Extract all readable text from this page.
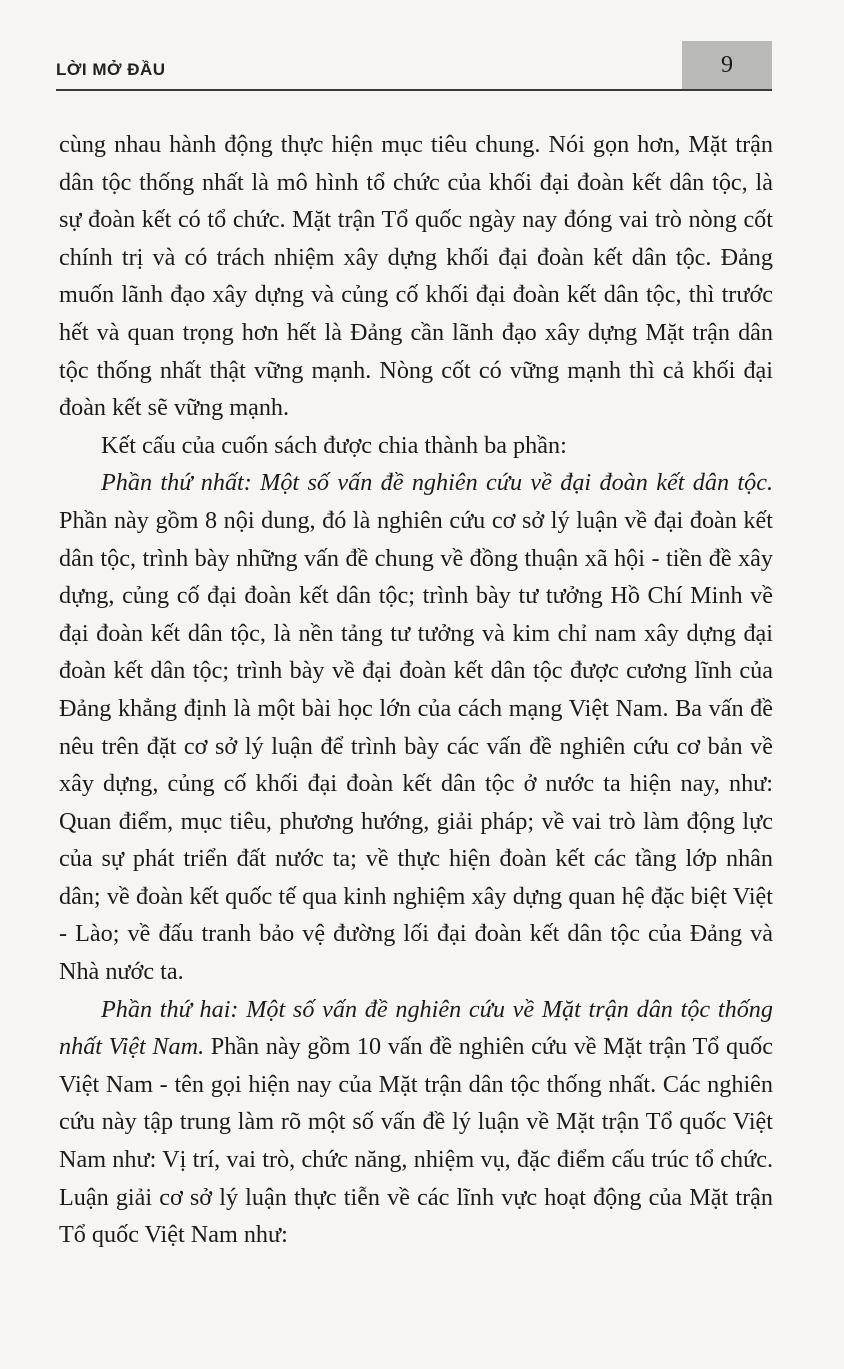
LỜI MỞ ĐẦU	9

cùng nhau hành động thực hiện mục tiêu chung. Nói gọn hơn, Mặt trận dân tộc thống nhất là mô hình tổ chức của khối đại đoàn kết dân tộc, là sự đoàn kết có tổ chức. Mặt trận Tổ quốc ngày nay đóng vai trò nòng cốt chính trị và có trách nhiệm xây dựng khối đại đoàn kết dân tộc. Đảng muốn lãnh đạo xây dựng và củng cố khối đại đoàn kết dân tộc, thì trước hết và quan trọng hơn hết là Đảng cần lãnh đạo xây dựng Mặt trận dân tộc thống nhất thật vững mạnh. Nòng cốt có vững mạnh thì cả khối đại đoàn kết sẽ vững mạnh.

Kết cấu của cuốn sách được chia thành ba phần:

Phần thứ nhất: Một số vấn đề nghiên cứu về đại đoàn kết dân tộc. Phần này gồm 8 nội dung, đó là nghiên cứu cơ sở lý luận về đại đoàn kết dân tộc, trình bày những vấn đề chung về đồng thuận xã hội - tiền đề xây dựng, củng cố đại đoàn kết dân tộc; trình bày tư tưởng Hồ Chí Minh về đại đoàn kết dân tộc, là nền tảng tư tưởng và kim chỉ nam xây dựng đại đoàn kết dân tộc; trình bày về đại đoàn kết dân tộc được cương lĩnh của Đảng khẳng định là một bài học lớn của cách mạng Việt Nam. Ba vấn đề nêu trên đặt cơ sở lý luận để trình bày các vấn đề nghiên cứu cơ bản về xây dựng, củng cố khối đại đoàn kết dân tộc ở nước ta hiện nay, như: Quan điểm, mục tiêu, phương hướng, giải pháp; về vai trò làm động lực của sự phát triển đất nước ta; về thực hiện đoàn kết các tầng lớp nhân dân; về đoàn kết quốc tế qua kinh nghiệm xây dựng quan hệ đặc biệt Việt - Lào; về đấu tranh bảo vệ đường lối đại đoàn kết dân tộc của Đảng và Nhà nước ta.

Phần thứ hai: Một số vấn đề nghiên cứu về Mặt trận dân tộc thống nhất Việt Nam. Phần này gồm 10 vấn đề nghiên cứu về Mặt trận Tổ quốc Việt Nam - tên gọi hiện nay của Mặt trận dân tộc thống nhất. Các nghiên cứu này tập trung làm rõ một số vấn đề lý luận về Mặt trận Tổ quốc Việt Nam như: Vị trí, vai trò, chức năng, nhiệm vụ, đặc điểm cấu trúc tổ chức. Luận giải cơ sở lý luận thực tiễn về các lĩnh vực hoạt động của Mặt trận Tổ quốc Việt Nam như:
